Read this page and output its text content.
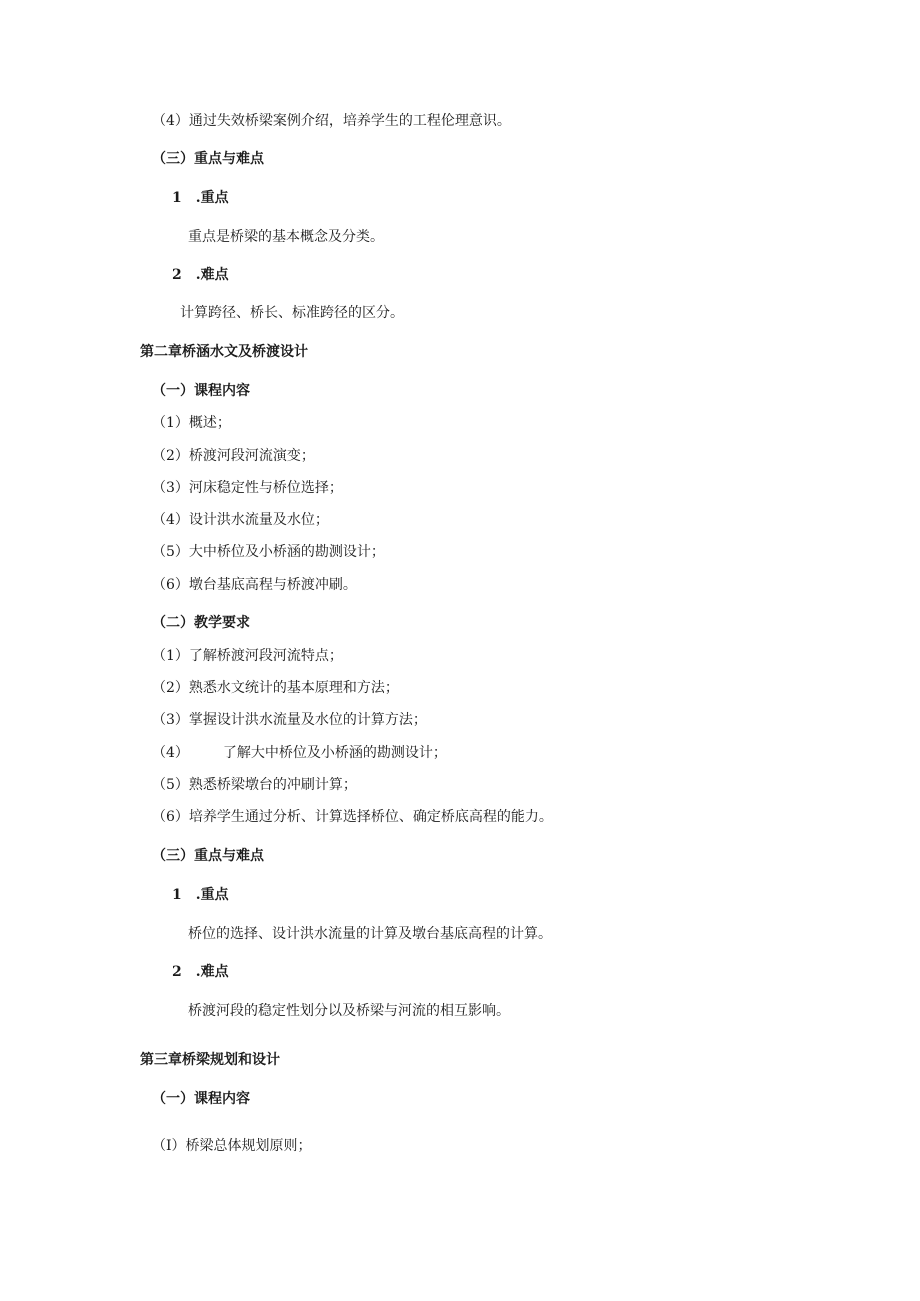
（4）通过失效桥梁案例介绍，培养学生的工程伦理意识。
（三）重点与难点
1　.重点
重点是桥梁的基本概念及分类。
2　.难点
计算跨径、桥长、标准跨径的区分。
第二章桥涵水文及桥渡设计
（一）课程内容
（1）概述；
（2）桥渡河段河流演变；
（3）河床稳定性与桥位选择；
（4）设计洪水流量及水位；
（5）大中桥位及小桥涵的勘测设计；
（6）墩台基底高程与桥渡冲刷。
（二）教学要求
（1）了解桥渡河段河流特点；
（2）熟悉水文统计的基本原理和方法；
（3）掌握设计洪水流量及水位的计算方法；
（4） 了解大中桥位及小桥涵的勘测设计；
（5）熟悉桥梁墩台的冲刷计算；
（6）培养学生通过分析、计算选择桥位、确定桥底高程的能力。
（三）重点与难点
1　.重点
桥位的选择、设计洪水流量的计算及墩台基底高程的计算。
2　.难点
桥渡河段的稳定性划分以及桥梁与河流的相互影响。
第三章桥梁规划和设计
（一）课程内容
（I）桥梁总体规划原则；
